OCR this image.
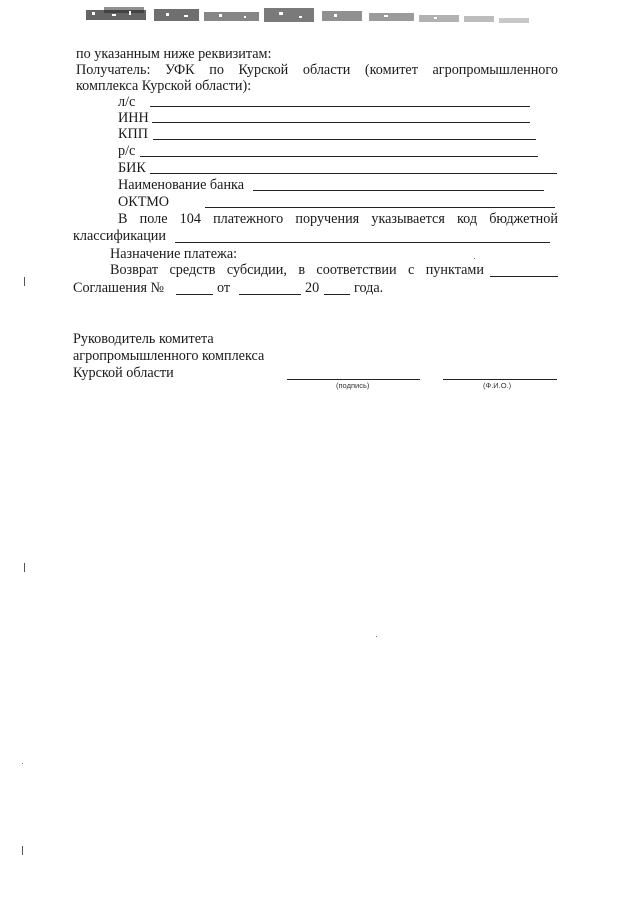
по указанным ниже реквизитам:
Получатель: УФК по Курской области (комитет агропромышленного
комплекса Курской области):
л/с
ИНН
КПП
р/с
БИК
Наименование банка
ОКТМО
В поле 104 платежного поручения указывается код бюджетной
классификации
Назначение платежа:
Возврат средств субсидии, в соответствии с пунктами
Соглашения №	от	20 года.
Руководитель комитета
агропромышленного комплекса
Курской области
(подпись)	(Ф.И.О.)
